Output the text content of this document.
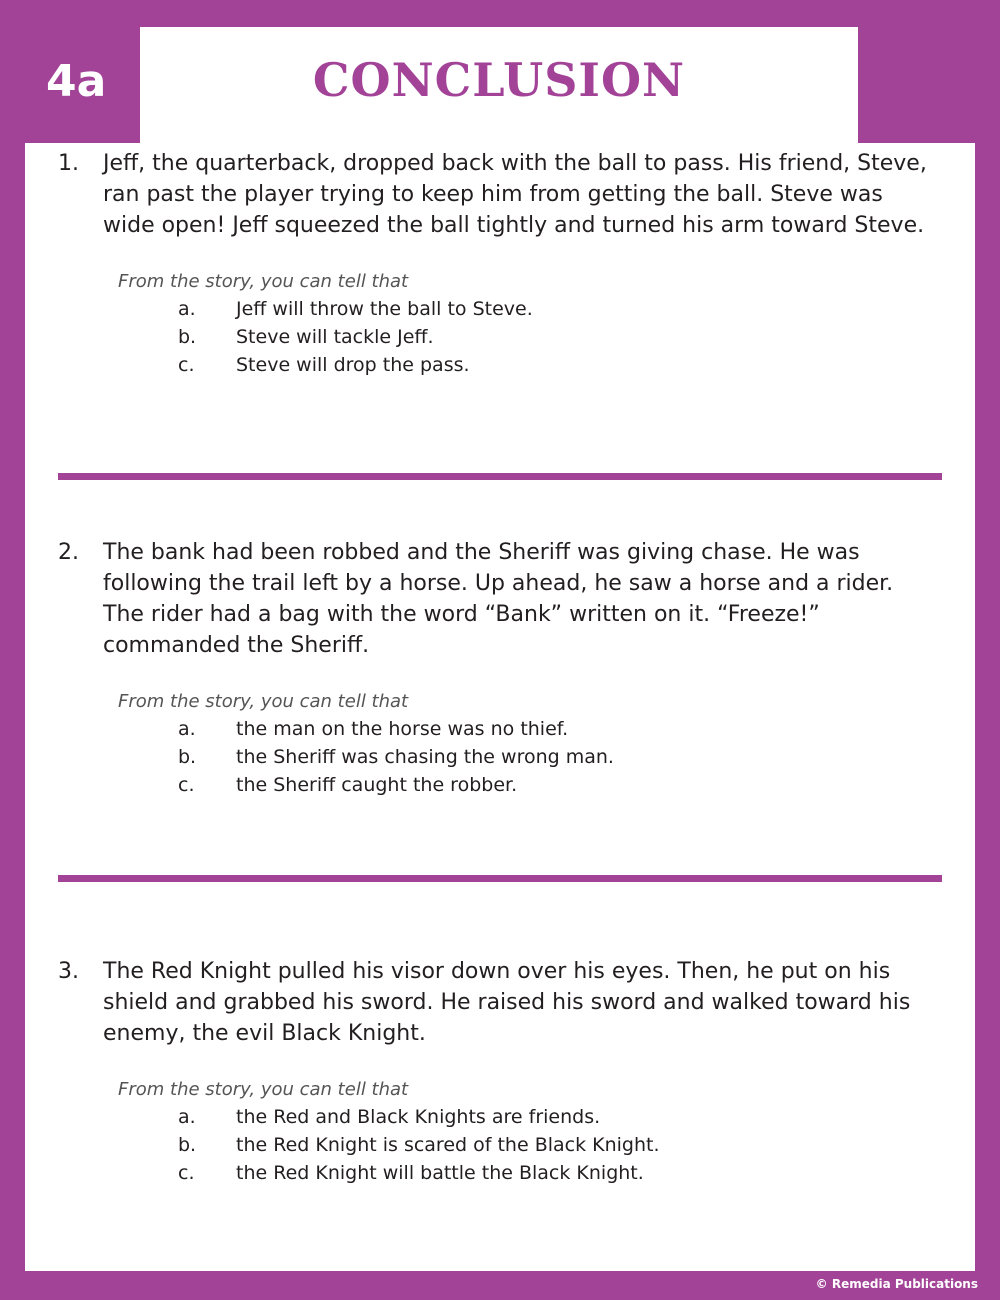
CONCLUSION
4a
1.	Jeff, the quarterback, dropped back with the ball to pass. His friend, Steve, ran past the player trying to keep him from getting the ball. Steve was wide open! Jeff squeezed the ball tightly and turned his arm toward Steve.
From the story, you can tell that
a.	Jeff will throw the ball to Steve.
b.	Steve will tackle Jeff.
c.	Steve will drop the pass.
2.	The bank had been robbed and the Sheriff was giving chase. He was following the trail left by a horse. Up ahead, he saw a horse and a rider. The rider had a bag with the word “Bank” written on it. “Freeze!” commanded the Sheriff.
From the story, you can tell that
a.	the man on the horse was no thief.
b.	the Sheriff was chasing the wrong man.
c.	the Sheriff caught the robber.
3.	The Red Knight pulled his visor down over his eyes. Then, he put on his shield and grabbed his sword. He raised his sword and walked toward his enemy, the evil Black Knight.
From the story, you can tell that
a.	the Red and Black Knights are friends.
b.	the Red Knight is scared of the Black Knight.
c.	the Red Knight will battle the Black Knight.
© Remedia Publications
